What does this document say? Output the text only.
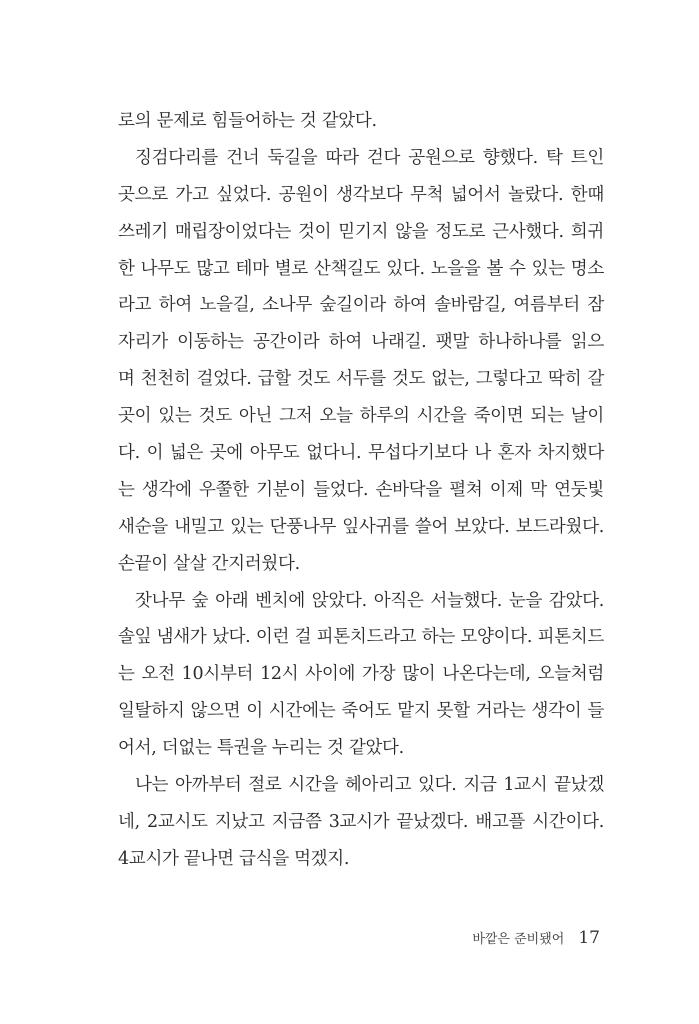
로의 문제로 힘들어하는 것 같았다.
징검다리를 건너 둑길을 따라 걷다 공원으로 향했다. 탁 트인
곳으로 가고 싶었다. 공원이 생각보다 무척 넓어서 놀랐다. 한때
쓰레기 매립장이었다는 것이 믿기지 않을 정도로 근사했다. 희귀
한 나무도 많고 테마 별로 산책길도 있다. 노을을 볼 수 있는 명소
라고 하여 노을길, 소나무 숲길이라 하여 솔바람길, 여름부터 잠
자리가 이동하는 공간이라 하여 나래길. 팻말 하나하나를 읽으
며 천천히 걸었다. 급할 것도 서두를 것도 없는, 그렇다고 딱히 갈
곳이 있는 것도 아닌 그저 오늘 하루의 시간을 죽이면 되는 날이
다. 이 넓은 곳에 아무도 없다니. 무섭다기보다 나 혼자 차지했다
는 생각에 우쭐한 기분이 들었다. 손바닥을 펼쳐 이제 막 연둣빛
새순을 내밀고 있는 단풍나무 잎사귀를 쓸어 보았다. 보드라웠다.
손끝이 살살 간지러웠다.
잣나무 숲 아래 벤치에 앉았다. 아직은 서늘했다. 눈을 감았다.
솔잎 냄새가 났다. 이런 걸 피톤치드라고 하는 모양이다. 피톤치드
는 오전 10시부터 12시 사이에 가장 많이 나온다는데, 오늘처럼
일탈하지 않으면 이 시간에는 죽어도 맡지 못할 거라는 생각이 들
어서, 더없는 특권을 누리는 것 같았다.
나는 아까부터 절로 시간을 헤아리고 있다. 지금 1교시 끝났겠
네, 2교시도 지났고 지금쯤 3교시가 끝났겠다. 배고플 시간이다.
4교시가 끝나면 급식을 먹겠지.
바깥은 준비됐어 17
